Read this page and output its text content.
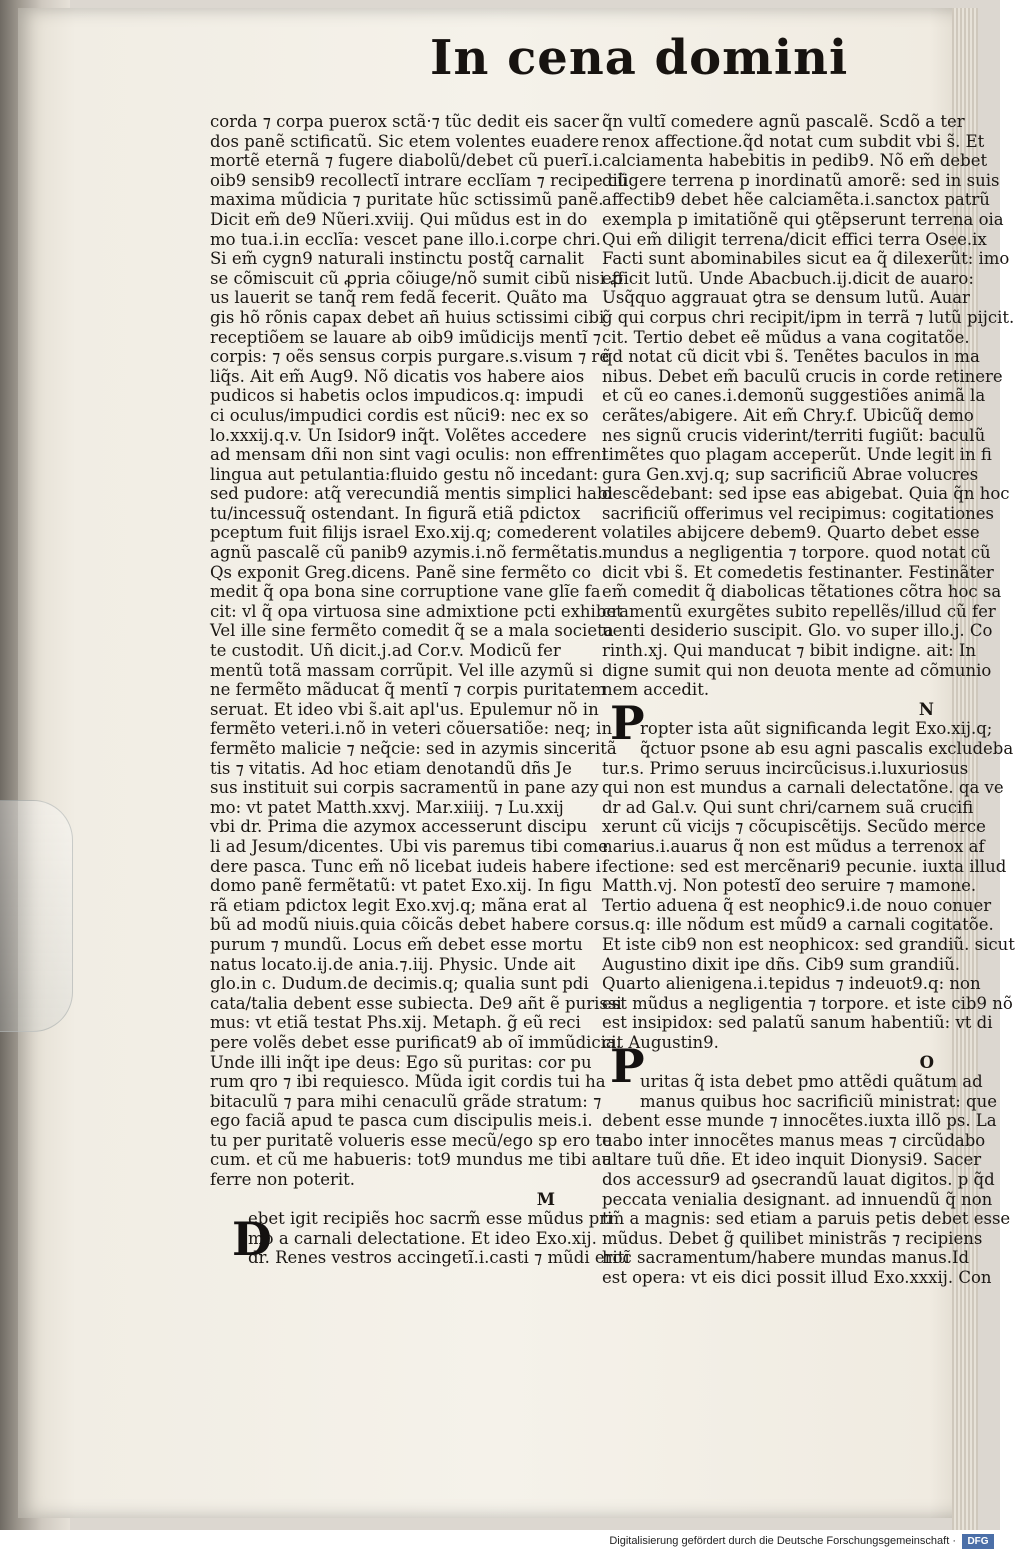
In cena domini
corda ⁊ corpa puerox sctã·⁊ tũc dedit eis sacer
dos panẽ sctificatũ. Sic etem volentes euadere
mortẽ eternã ⁊ fugere diabolũ/debet cũ puerĩ.i.
oib9 sensib9 recollectĩ intrare ecclĩam ⁊ recipe cũ
maxima mũdicia ⁊ puritate hũc sctissimũ panẽ.
Dicit em̃ de9 Nũeri.xviij. Qui mũdus est in do
mo tua.i.in ecclĩa: vescet pane illo.i.corpe chri.
Si em̃ cygn9 naturali instinctu postq̃ carnalit
se cõmiscuit cũ ꝓpria cõiuge/nõ sumit cibũ nisi ꝓ
us lauerit se tanq̃ rem fedã fecerit. Quãto ma
gis hõ rõnis capax debet añ huius sctissimi cibi
receptiõem se lauare ab oib9 imũdicijs mentĩ ⁊
corpis: ⁊ oẽs sensus corpis purgare.s.visum ⁊ re
liq̃s. Ait em̃ Aug9. Nõ dicatis vos habere aios
pudicos si habetis oclos impudicos.q: impudi
ci oculus/impudici cordis est nũci9: nec ex so
lo.xxxij.q.v. Un Isidor9 inq̃t. Volẽtes accedere
ad mensam dñi non sint vagi oculis: non effreni
lingua aut petulantia:fluido gestu nõ incedant:
sed pudore: atq̃ verecundiã mentis simplici habi
tu/incessuq̃ ostendant. In figurã etiã pdictox
pceptum fuit filijs israel Exo.xij.q; comederent
agnũ pascalẽ cũ panib9 azymis.i.nõ fermẽtatis.
Qs exponit Greg.dicens. Panẽ sine fermẽto co
medit q̃ opa bona sine corruptione vane glĩe fa
cit: vl q̃ opa virtuosa sine admixtione pcti exhibet
Vel ille sine fermẽto comedit q̃ se a mala societa
te custodit. Uñ dicit.j.ad Cor.v. Modicũ fer
mentũ totã massam corrũpit. Vel ille azymũ si
ne fermẽto mãducat q̃ mentĩ ⁊ corpis puritatem
seruat. Et ideo vbi s̃.ait apl'us. Epulemur nõ in
fermẽto veteri.i.nõ in veteri cõuersatiõe: neq; in
fermẽto malicie ⁊ neq̃cie: sed in azymis sinceritã
tis ⁊ vitatis. Ad hoc etiam denotandũ dñs Je
sus instituit sui corpis sacramentũ in pane azy
mo: vt patet Matth.xxvj. Mar.xiiij. ⁊ Lu.xxij
vbi dr. Prima die azymox accesserunt discipu
li ad Jesum/dicentes. Ubi vis paremus tibi come
dere pasca. Tunc em̃ nõ licebat iudeis habere i
domo panẽ fermẽtatũ: vt patet Exo.xij. In figu
rã etiam pdictox legit Exo.xvj.q; mãna erat al
bũ ad modũ niuis.quia cõicãs debet habere cor
purum ⁊ mundũ. Locus em̃ debet esse mortu
natus locato.ij.de ania.⁊.iij. Physic. Unde ait
glo.in c. Dudum.de decimis.q; qualia sunt pdi
cata/talia debent esse subiecta. De9 añt ẽ purissi
mus: vt etiã testat Phs.xij. Metaph. g̃ eũ reci
pere volẽs debet esse purificat9 ab oĩ immũdicia.
Unde illi inq̃t ipe deus: Ego sũ puritas: cor pu
rum qro ⁊ ibi requiesco. Mũda igit cordis tui ha
bitaculũ ⁊ para mihi cenaculũ grãde stratum: ⁊
ego faciã apud te pasca cum discipulis meis.i.
tu per puritatẽ volueris esse mecũ/ego sp ero te
cum. et cũ me habueris: tot9 mundus me tibi au
ferre non poterit.
M
ebet igit recipiẽs hoc sacrm̃ esse mũdus pri
mo a carnali delectatione. Et ideo Exo.xij.
dr. Renes vestros accingetĩ.i.casti ⁊ mũdi eritĩ
q̃n vultĩ comedere agnũ pascalẽ. Scdõ a ter
renox affectione.q̃d notat cum subdit vbi s̃. Et
calciamenta habebitis in pedib9. Nõ em̃ debet
diligere terrena p inordinatũ amorẽ: sed in suis
affectib9 debet hẽe calciamẽta.i.sanctox patrũ
exempla p imitatiõnẽ qui ꝯtẽpserunt terrena oia
Qui em̃ diligit terrena/dicit effici terra Osee.ix
Facti sunt abominabiles sicut ea q̃ dilexerũt: imo
efficit lutũ. Unde Abacbuch.ij.dicit de auaro:
Usq̃quo aggrauat ꝯtra se densum lutũ. Auar
g̃ qui corpus chri recipit/ipm in terrã ⁊ lutũ pijcit.
cit. Tertio debet eẽ mũdus a vana cogitatõe.
q̃d notat cũ dicit vbi s̃. Tenẽtes baculos in ma
nibus. Debet em̃ baculũ crucis in corde retinere
et cũ eo canes.i.demonũ suggestiões animã la
cerãtes/abigere. Ait em̃ Chry.f. Ubicũq̃ demo
nes signũ crucis viderint/territi fugiũt: baculũ
timẽtes quo plagam acceperũt. Unde legit in fi
gura Gen.xvj.q; sup sacrificiũ Abrae volucres
descẽdebant: sed ipse eas abigebat. Quia q̃n hoc
sacrificiũ offerimus vel recipimus: cogitationes
volatiles abijcere debem9. Quarto debet esse
mundus a negligentia ⁊ torpore. quod notat cũ
dicit vbi s̃. Et comedetis festinanter. Festinãter
em̃ comedit q̃ diabolicas tẽtationes cõtra hoc sa
cramentũ exurgẽtes subito repellẽs/illud cũ fer
uenti desiderio suscipit. Glo. vo super illo.j. Co
rinth.xj. Qui manducat ⁊ bibit indigne. ait: In
digne sumit qui non deuota mente ad cõmunio
nem accedit.
N
ropter ista aũt significanda legit Exo.xij.q;
q̃ctuor psone ab esu agni pascalis excludeba
tur.s. Primo seruus incircũcisus.i.luxuriosus
qui non est mundus a carnali delectatõne. qa ve
dr ad Gal.v. Qui sunt chri/carnem suã crucifi
xerunt cũ vicijs ⁊ cõcupiscẽtijs. Secũdo merce
narius.i.auarus q̃ non est mũdus a terrenox af
fectione: sed est mercẽnari9 pecunie. iuxta illud
Matth.vj. Non potestĩ deo seruire ⁊ mamone.
Tertio aduena q̃ est neophic9.i.de nouo conuer
sus.q: ille nõdum est mũd9 a carnali cogitatõe.
Et iste cib9 non est neophicox: sed grandiũ. sicut
Augustino dixit ipe dñs. Cib9 sum grandiũ.
Quarto alienigena.i.tepidus ⁊ indeuot9.q: non
est mũdus a negligentia ⁊ torpore. et iste cib9 nõ
est insipidox: sed palatũ sanum habentiũ: vt di
cit Augustin9.
O
uritas q̃ ista debet pmo attẽdi quãtum ad
manus quibus hoc sacrificiũ ministrat: que
debent esse munde ⁊ innocẽtes.iuxta illõ ps. La
uabo inter innocẽtes manus meas ⁊ circũdabo
altare tuũ dñe. Et ideo inquit Dionysi9. Sacer
dos accessur9 ad ꝯsecrandũ lauat digitos. p q̃d
peccata venialia designant. ad innuendũ q̃ non
tm̃ a magnis: sed etiam a paruis petis debet esse
mũdus. Debet g̃ quilibet ministrãs ⁊ recipiens
hoc sacramentum/habere mundas manus.Id
est opera: vt eis dici possit illud Exo.xxxij. Con
D
P
P
Digitalisierung gefördert durch die Deutsche Forschungsgemeinschaft ·	DFG
